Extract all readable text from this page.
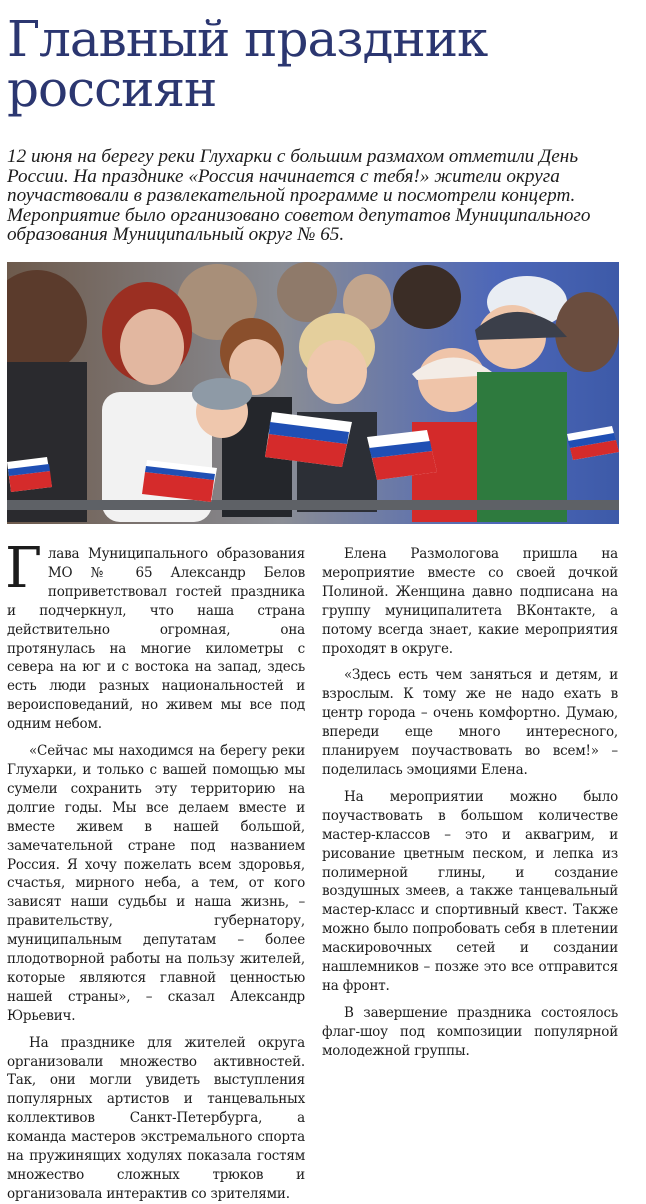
Главный праздник россиян

12 июня на берегу реки Глухарки с большим размахом отметили День России. На празднике «Россия начинается с тебя!» жители округа поучаствовали в развлекательной программе и посмотрели концерт. Мероприятие было организовано советом депутатов Муниципального образования Муниципальный округ № 65.

Глава Муниципального образования МО № 65 Александр Белов поприветствовал гостей праздника и подчеркнул, что наша страна действительно огромная, она протянулась на многие километры с севера на юг и с востока на запад, здесь есть люди разных национальностей и вероисповеданий, но живем мы все под одним небом.

«Сейчас мы находимся на берегу реки Глухарки, и только с вашей помощью мы сумели сохранить эту территорию на долгие годы. Мы все делаем вместе и вместе живем в нашей большой, замечательной стране под названием Россия. Я хочу пожелать всем здоровья, счастья, мирного неба, а тем, от кого зависят наши судьбы и наша жизнь, – правительству, губернатору, муниципальным депутатам – более плодотворной работы на пользу жителей, которые являются главной ценностью нашей страны», – сказал Александр Юрьевич.

На празднике для жителей округа организовали множество активностей. Так, они могли увидеть выступления популярных артистов и танцевальных коллективов Санкт-Петербурга, а команда мастеров экстремального спорта на пружинящих ходулях показала гостям множество сложных трюков и организовала интерактив со зрителями.

Елена Размологова пришла на мероприятие вместе со своей дочкой Полиной. Женщина давно подписана на группу муниципалитета ВКонтакте, а потому всегда знает, какие мероприятия проходят в округе.

«Здесь есть чем заняться и детям, и взрослым. К тому же не надо ехать в центр города – очень комфортно. Думаю, впереди еще много интересного, планируем поучаствовать во всем!» – поделилась эмоциями Елена.

На мероприятии можно было поучаствовать в большом количестве мастер-классов – это и аквагрим, и рисование цветным песком, и лепка из полимерной глины, и создание воздушных змеев, а также танцевальный мастер-класс и спортивный квест. Также можно было попробовать себя в плетении маскировочных сетей и создании нашлемников – позже это все отправится на фронт.

В завершение праздника состоялось флаг-шоу под композиции популярной молодежной группы.
